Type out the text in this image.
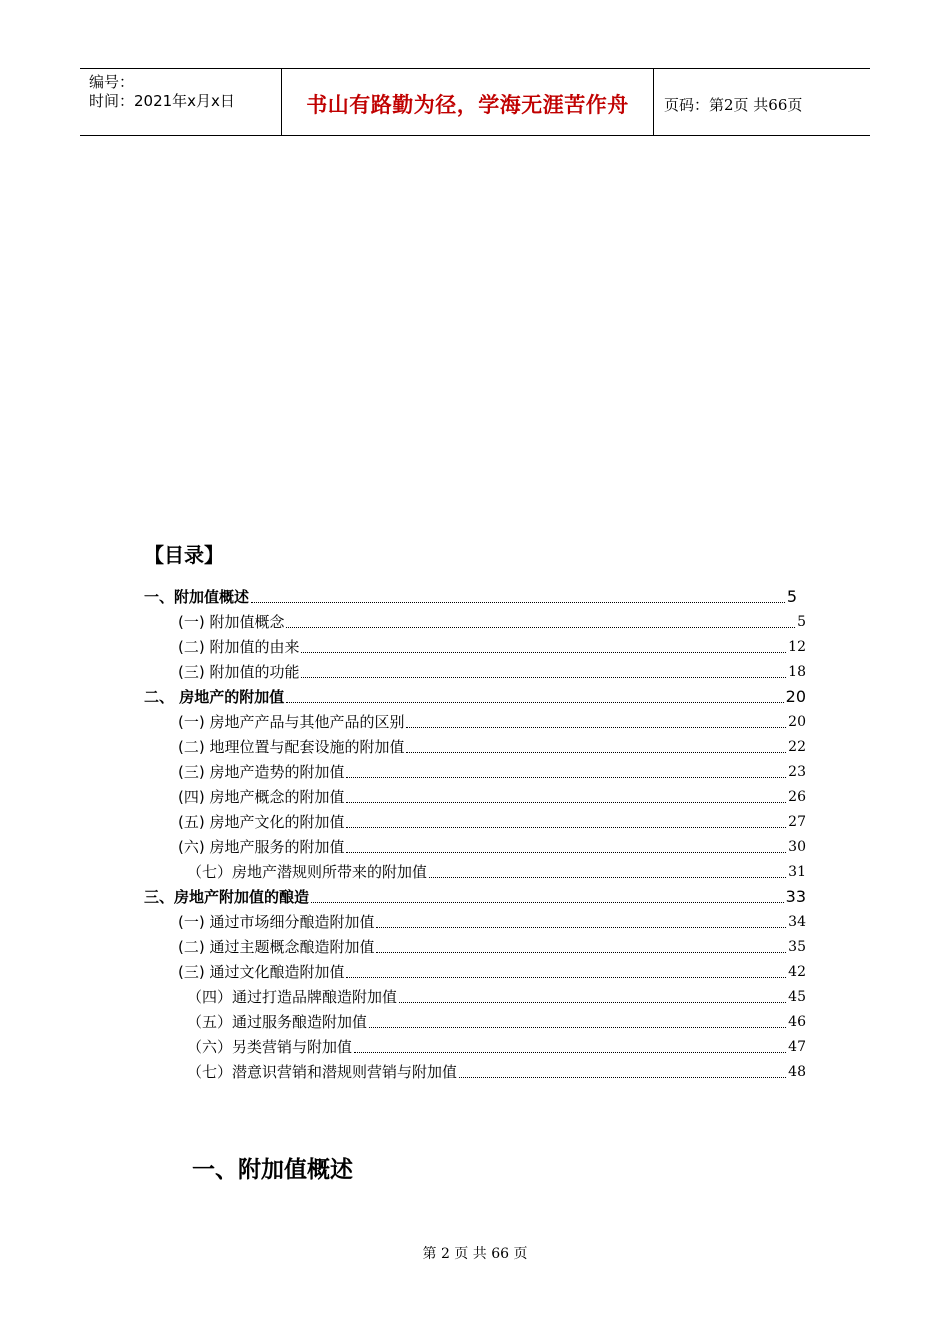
编号：
时间：2021年x月x日	书山有路勤为径，学海无涯苦作舟	页码：第2页 共66页
【目录】
一、附加值概述	5
(一) 附加值概念	5
(二) 附加值的由来	12
(三) 附加值的功能	18
二、 房地产的附加值	20
(一) 房地产产品与其他产品的区别	20
(二) 地理位置与配套设施的附加值	22
(三) 房地产造势的附加值	23
(四) 房地产概念的附加值	26
(五) 房地产文化的附加值	27
(六) 房地产服务的附加值	30
（七）房地产潜规则所带来的附加值	31
三、房地产附加值的酿造	33
(一) 通过市场细分酿造附加值	34
(二) 通过主题概念酿造附加值	35
(三) 通过文化酿造附加值	42
（四）通过打造品牌酿造附加值	45
（五）通过服务酿造附加值	46
（六）另类营销与附加值	47
（七）潜意识营销和潜规则营销与附加值	48
一、附加值概述
第 2 页 共 66 页
